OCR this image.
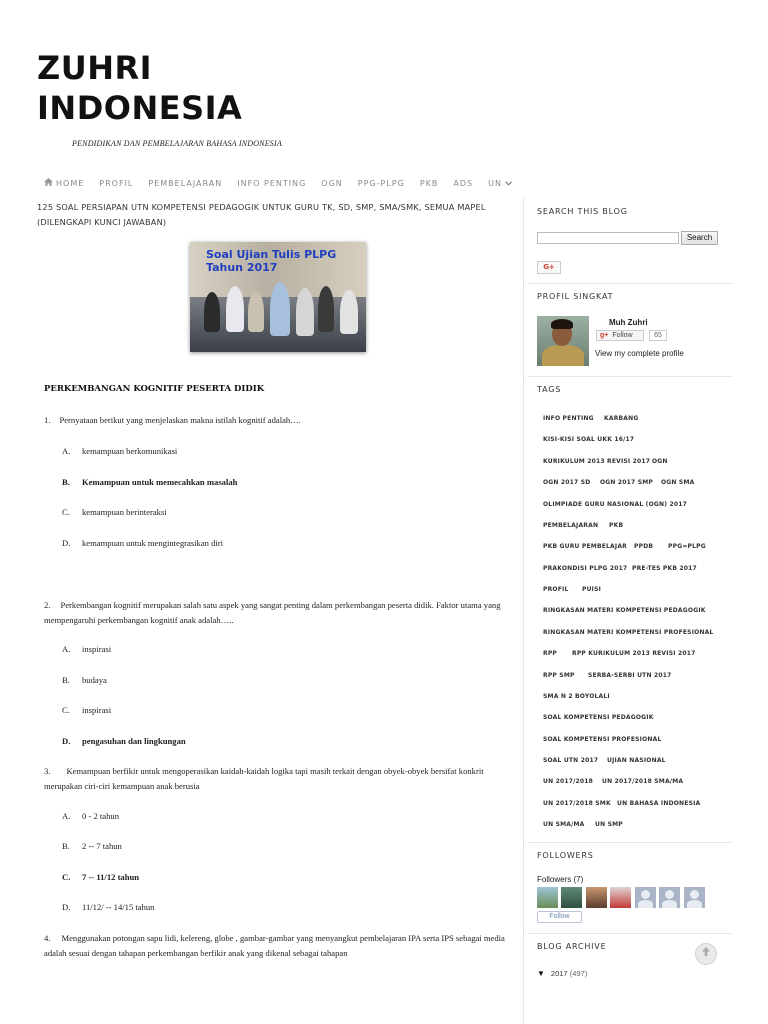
ZUHRI
INDONESIA
PENDIDIKAN DAN PEMBELAJARAN BAHASA INDONESIA
HOME PROFIL PEMBELAJARAN INFO PENTING OGN PPG-PLPG PKB ADS UN
125 SOAL PERSIAPAN UTN KOMPETENSI PEDAGOGIK UNTUK GURU TK, SD, SMP, SMA/SMK, SEMUA MAPEL (DILENGKAPI KUNCI JAWABAN)
Soal Ujian Tulis PLPG
Tahun 2017
PERKEMBANGAN KOGNITIF PESERTA DIDIK
1. Pernyataan berikut yang menjelaskan makna istilah kognitif adalah….
A. kemampuan berkomunikasi
B. Kemampuan untuk memecahkan masalah
C. kemampuan berinteraksi
D. kemampuan untuk mengintegrasikan diri
2. Perkembangan kognitif merupakan salah satu aspek yang sangat penting dalam perkembangan peserta didik. Faktor utama yang mempengaruhi perkembangan kognitif anak adalah…..
A. inspirasi
B. budaya
C. inspirasi
D. pengasuhan dan lingkungan
3. Kemampuan berfikir untuk mengoperasikan kaidah-kaidah logika tapi masih terkait dengan obyek-obyek bersifat konkrit merupakan ciri-ciri kemampuan anak berusia
A. 0 - 2 tahun
B. 2 -- 7 tahun
C. 7 -- 11/12 tahun
D. 11/12/ -- 14/15 tahun
4. Menggunakan potongan sapu lidi, kelereng, globe , gambar-gambar yang menyangkut pembelajaran IPA serta IPS sebagai media adalah sesuai dengan tahapan perkembangan berfikir anak yang dikenal sebagai tahapan
SEARCH THIS BLOG
Search
G+
PROFIL SINGKAT
Muh Zuhri
g+ Follow	65
View my complete profile
TAGS
INFO PENTING KARBANG
KISI-KISI SOAL UKK 16/17
KURIKULUM 2013 REVISI 2017 OGN
OGN 2017 SD OGN 2017 SMP OGN SMA
OLIMPIADE GURU NASIONAL (OGN) 2017
PEMBELAJARAN PKB
PKB GURU PEMBELAJAR PPDB PPG=PLPG
PRAKONDISI PLPG 2017 PRE-TES PKB 2017
PROFIL PUISI
RINGKASAN MATERI KOMPETENSI PEDAGOGIK
RINGKASAN MATERI KOMPETENSI PROFESIONAL
RPP RPP KURIKULUM 2013 REVISI 2017
RPP SMP SERBA-SERBI UTN 2017
SMA N 2 BOYOLALI
SOAL KOMPETENSI PEDAGOGIK
SOAL KOMPETENSI PROFESIONAL
SOAL UTN 2017 UJIAN NASIONAL
UN 2017/2018 UN 2017/2018 SMA/MA
UN 2017/2018 SMK UN BAHASA INDONESIA
UN SMA/MA UN SMP
FOLLOWERS
Followers (7)
Follow
BLOG ARCHIVE
▼ 2017 (497)
